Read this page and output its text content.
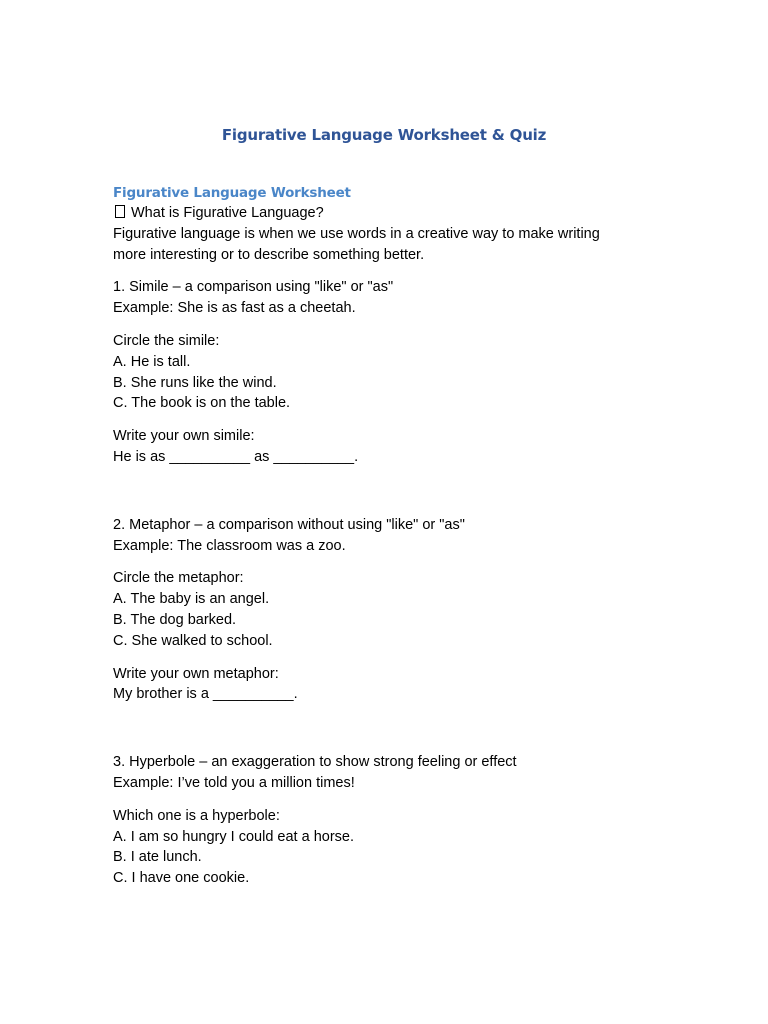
Figurative Language Worksheet & Quiz
Figurative Language Worksheet
What is Figurative Language?
Figurative language is when we use words in a creative way to make writing more interesting or to describe something better.
1. Simile – a comparison using "like" or "as"
Example: She is as fast as a cheetah.
Circle the simile:
A. He is tall.
B. She runs like the wind.
C. The book is on the table.
Write your own simile:
He is as __________ as __________.
2. Metaphor – a comparison without using "like" or "as"
Example: The classroom was a zoo.
Circle the metaphor:
A. The baby is an angel.
B. The dog barked.
C. She walked to school.
Write your own metaphor:
My brother is a __________.
3. Hyperbole – an exaggeration to show strong feeling or effect
Example: I’ve told you a million times!
Which one is a hyperbole:
A. I am so hungry I could eat a horse.
B. I ate lunch.
C. I have one cookie.
